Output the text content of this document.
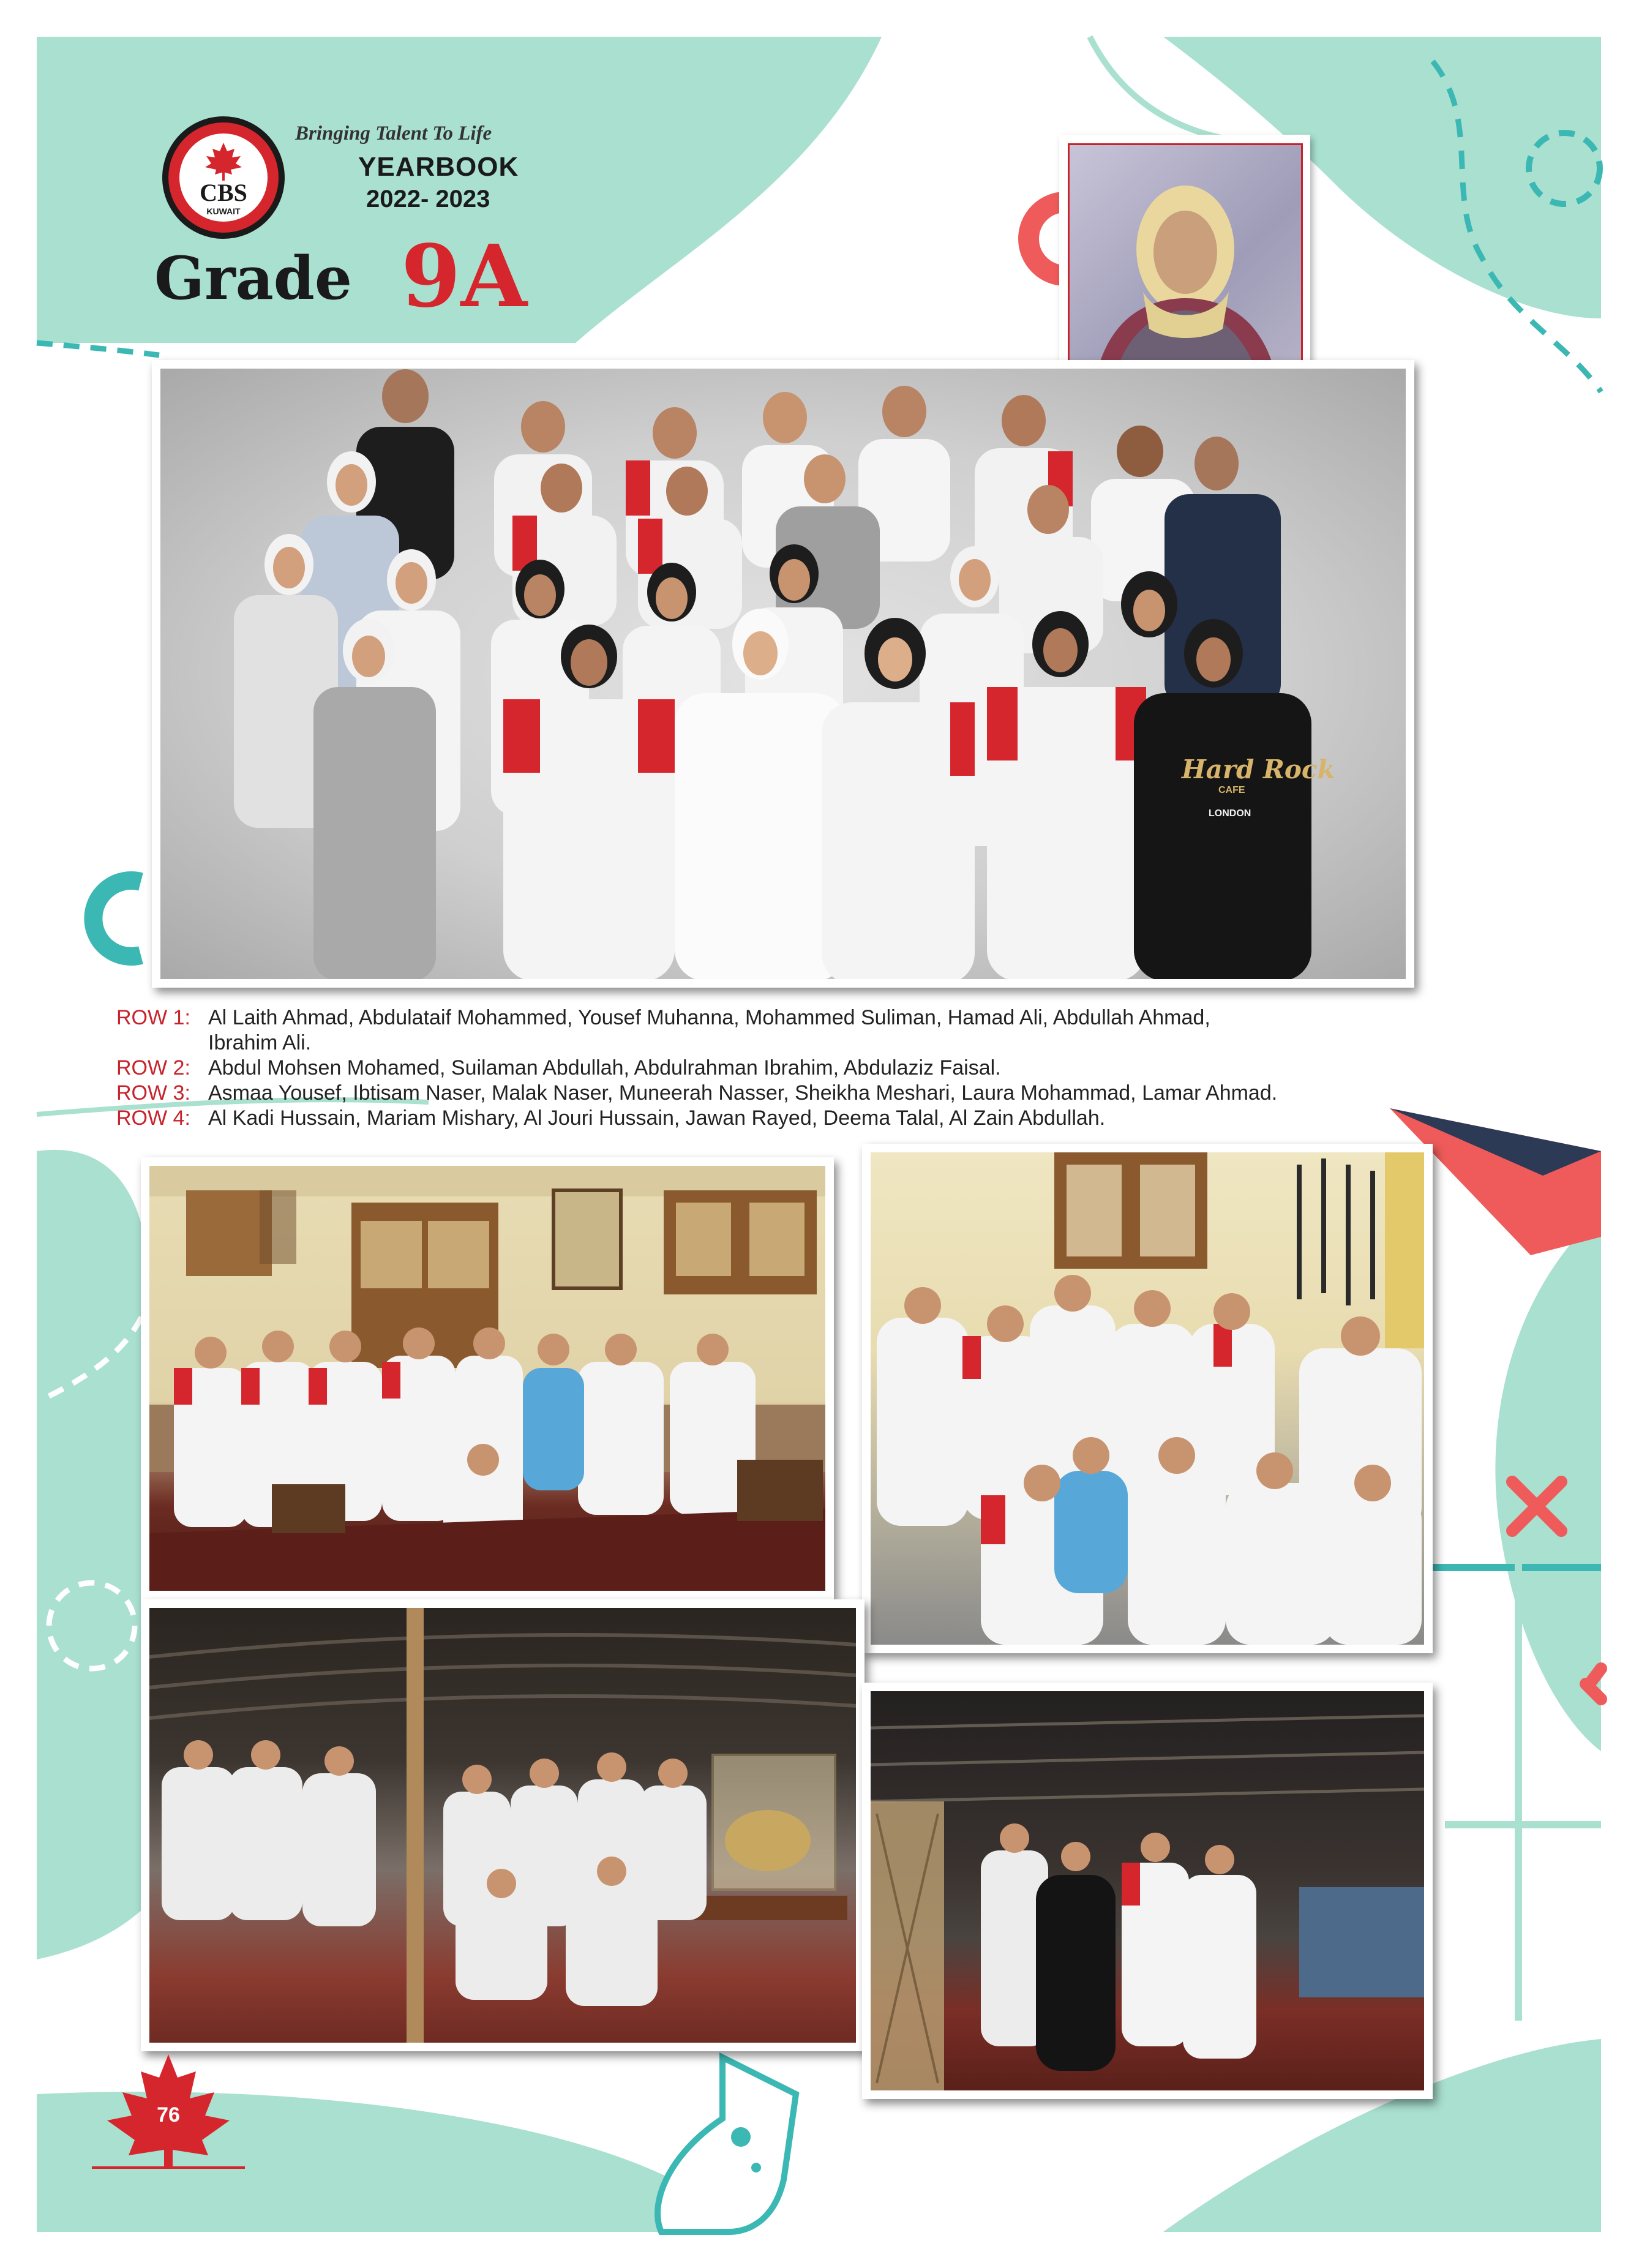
CBS
KUWAIT
Bringing Talent To Life
YEARBOOK
2022- 2023
Grade 9A
Hard Rock
CAFE
LONDON
ROW 1: Al Laith Ahmad, Abdulataif Mohammed, Yousef Muhanna, Mohammed Suliman, Hamad Ali, Abdullah Ahmad,
Ibrahim Ali.
ROW 2: Abdul Mohsen Mohamed, Suilaman Abdullah, Abdulrahman Ibrahim, Abdulaziz Faisal.
ROW 3: Asmaa Yousef, Ibtisam Naser, Malak Naser, Muneerah Nasser, Sheikha Meshari, Laura Mohammad, Lamar Ahmad.
ROW 4: Al Kadi Hussain, Mariam Mishary, Al Jouri Hussain, Jawan Rayed, Deema Talal, Al Zain Abdullah.
76
